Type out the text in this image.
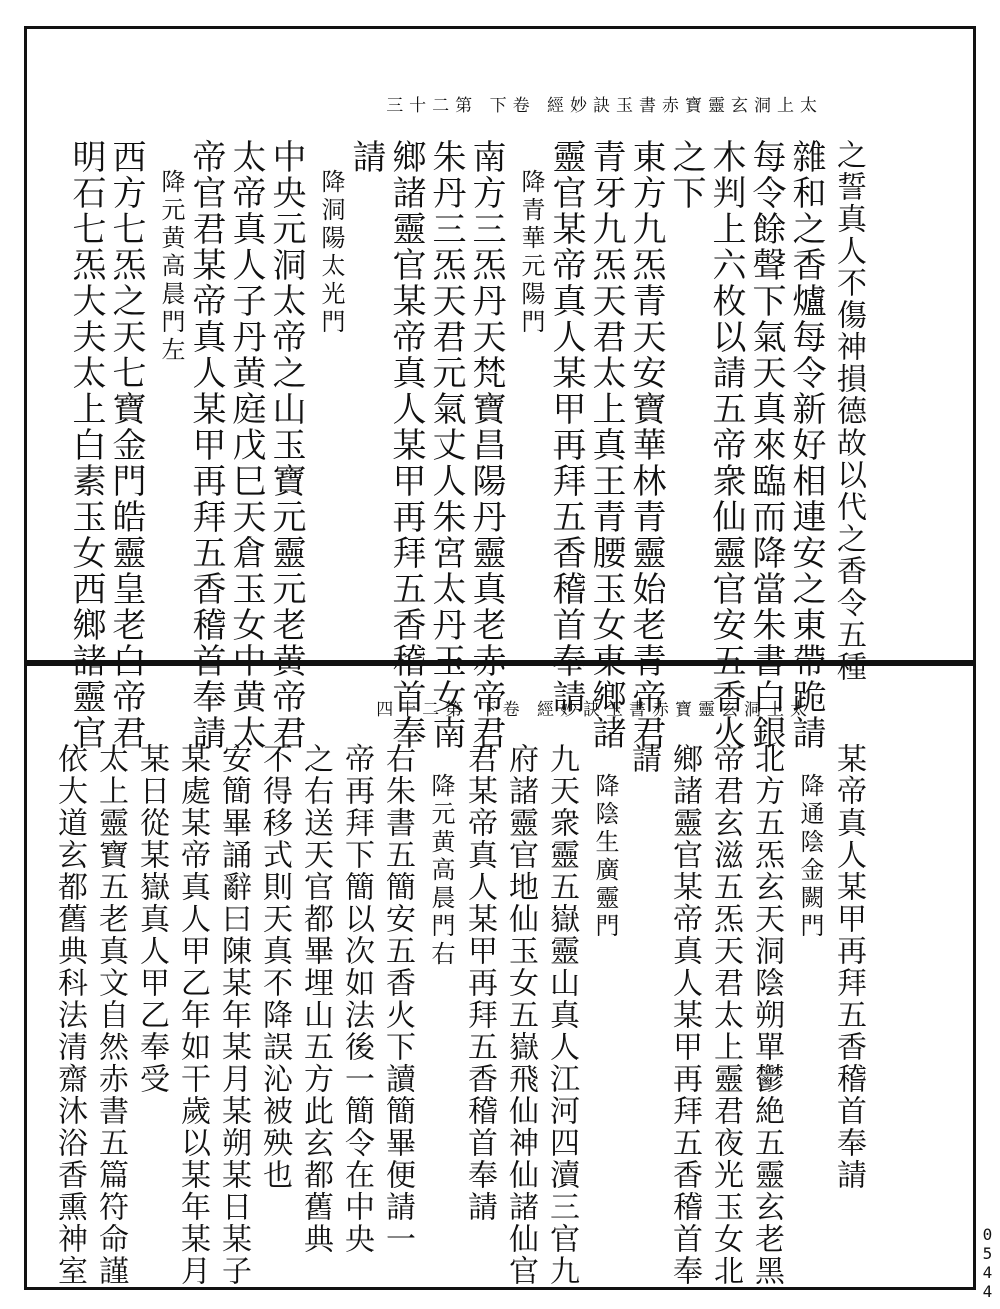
太上洞玄靈寶赤書玉訣妙經 卷下 第二十三
之誓真人不傷神損德故以代之香令五種
雜和之香爐每令新好相連安之東帶跪請
每令餘聲下氣天真來臨而降當朱書白銀
木判上六枚以請五帝衆仙靈官安五香火
之下
東方九炁青天安寶華林青靈始老青帝君
青牙九炁天君太上真王青腰玉女東鄉諸
靈官某帝真人某甲再拜五香稽首奉請
降青華元陽門
南方三炁丹天梵寶昌陽丹靈真老赤帝君
朱丹三炁天君元氣丈人朱宮太丹玉女南
鄉諸靈官某帝真人某甲再拜五香稽首奉
請
降洞陽太光門
中央元洞太帝之山玉寶元靈元老黄帝君
太帝真人子丹黄庭戊巳天倉玉女中黄太
帝官君某帝真人某甲再拜五香稽首奉請
降元黄高晨門左
西方七炁之天七寶金門皓靈皇老白帝君
明石七炁大夫太上白素玉女西鄉諸靈官	太上洞玄靈寶赤書玉訣妙經 卷下 第二十四
某帝真人某甲再拜五香稽首奉請
降通陰金闕門
北方五炁玄天洞陰朔單鬱絶五靈玄老黑
帝君玄滋五炁天君太上靈君夜光玉女北
鄉諸靈官某帝真人某甲再拜五香稽首奉
請
降陰生廣靈門
九天衆靈五嶽靈山真人江河四瀆三官九
府諸靈官地仙玉女五嶽飛仙神仙諸仙官
君某帝真人某甲再拜五香稽首奉請
降元黄高晨門右
右朱書五簡安五香火下讀簡畢便請一
帝再拜下簡以次如法後一簡令在中央
之右送天官都畢埋山五方此玄都舊典
不得移式則天真不降誤沁被殃也
安簡畢誦辭曰陳某年某月某朔某日某子
某處某帝真人甲乙年如干歲以某年某月
某日從某嶽真人甲乙奉受
太上靈寶五老真文自然赤書五篇符命謹
依大道玄都舊典科法清齋沐浴香熏神室	0544
